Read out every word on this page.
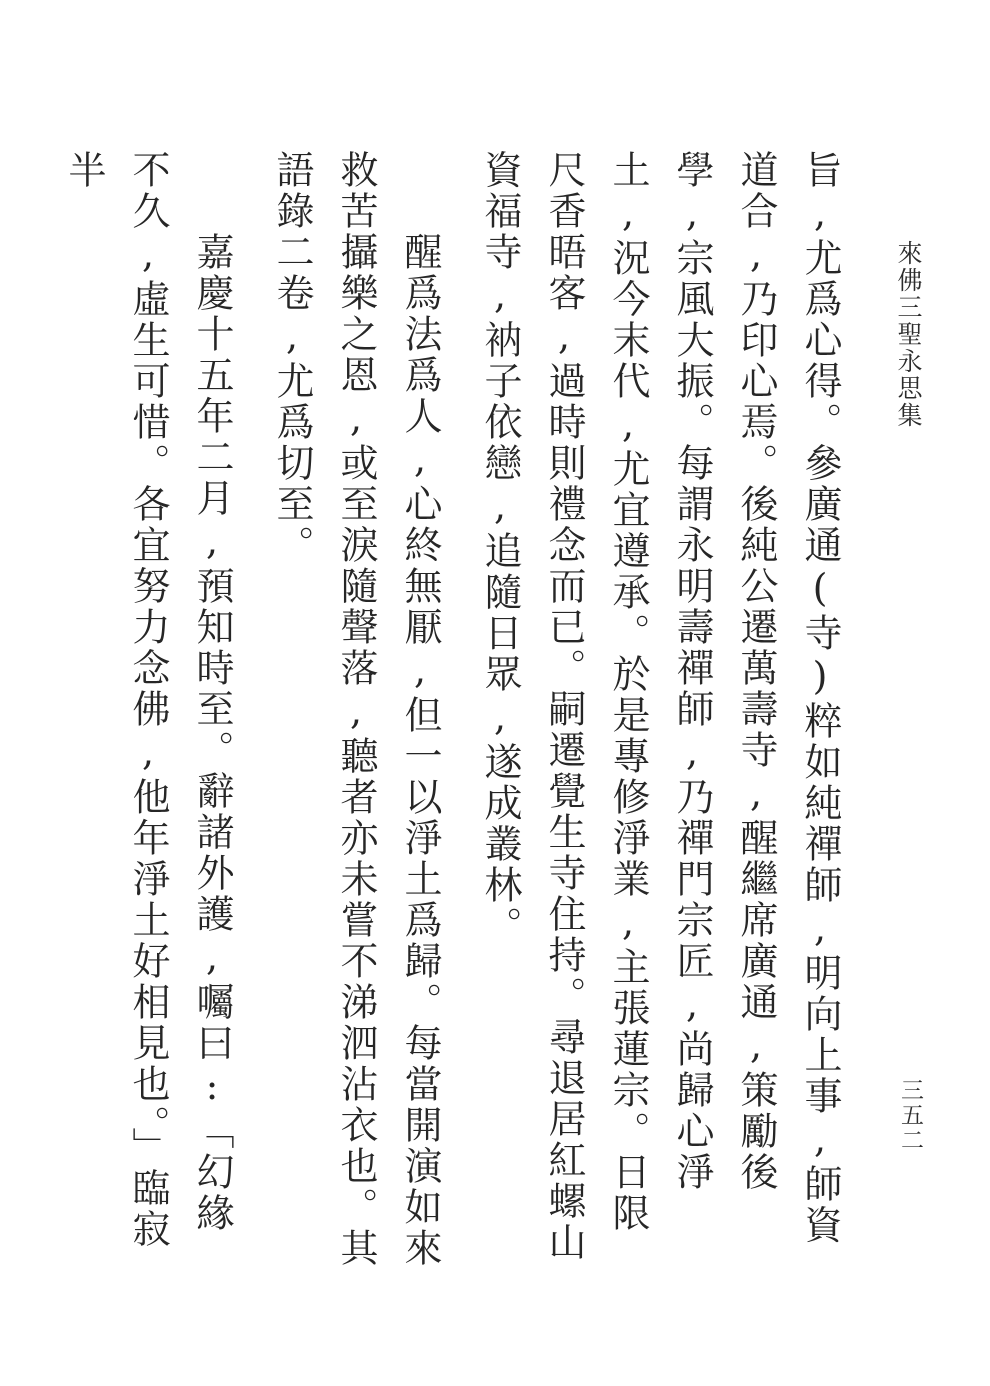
旨,尤爲心得。參廣通(寺)粹如純禪師,明向上事,師資道合,乃印心焉。後純公遷萬壽寺,醒繼席廣通,策勵後學,宗風大振。每謂永明壽禪師,乃禪門宗匠,尚歸心淨土,況今末代,尤宜遵承。於是專修淨業,主張蓮宗。日限尺香晤客,過時則禮念而已。嗣遷覺生寺住持。尋退居紅螺山資福寺,衲子依戀,追隨日眾,遂成叢林。

醒爲法爲人,心終無厭,但一以淨土爲歸。每當開演如來救苦攝樂之恩,或至淚隨聲落,聽者亦未嘗不涕泗沾衣也。其語錄二卷,尤爲切至。

嘉慶十五年二月,預知時至。辭諸外護,囑曰:「幻緣不久,虛生可惜。各宜努力念佛,他年淨土好相見也。」臨寂半

來佛三聖永思集
三五二
